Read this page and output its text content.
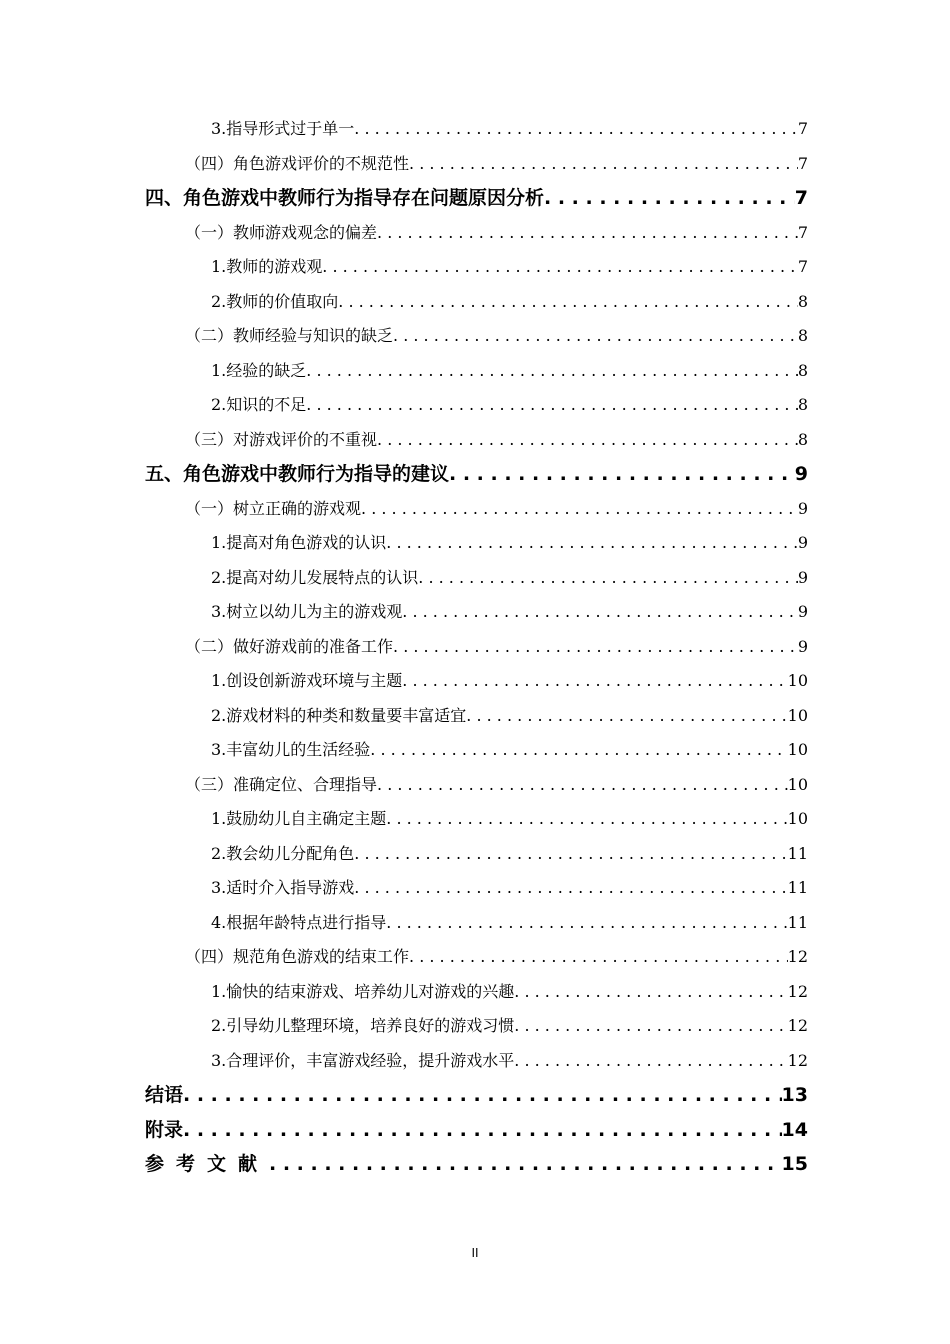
3.指导形式过于单一 . . .	7
（四）角色游戏评价的不规范性 . . .	7
四、角色游戏中教师行为指导存在问题原因分析 . . .	7
（一）教师游戏观念的偏差 . . .	7
1.教师的游戏观 . . .	7
2.教师的价值取向 . . .	8
（二）教师经验与知识的缺乏 . . .	8
1.经验的缺乏 . . .	8
2.知识的不足 . . .	8
（三）对游戏评价的不重视 . . .	8
五、角色游戏中教师行为指导的建议 . . .	9
（一）树立正确的游戏观 . . .	9
1.提高对角色游戏的认识 . . .	9
2.提高对幼儿发展特点的认识 . . .	9
3.树立以幼儿为主的游戏观 . . .	9
（二）做好游戏前的准备工作 . . .	9
1.创设创新游戏环境与主题 . . .	10
2.游戏材料的种类和数量要丰富适宜 . . .	10
3.丰富幼儿的生活经验 . . .	10
（三）准确定位、合理指导 . . .	10
1.鼓励幼儿自主确定主题 . . .	10
2.教会幼儿分配角色 . . .	11
3.适时介入指导游戏 . . .	11
4.根据年龄特点进行指导 . . .	11
（四）规范角色游戏的结束工作 . . .	12
1.愉快的结束游戏、培养幼儿对游戏的兴趣 . . .	12
2.引导幼儿整理环境，培养良好的游戏习惯 . . .	12
3.合理评价，丰富游戏经验，提升游戏水平 . . .	12
结语 . . .	13
附录 . . .	14
参考文献 . . .	15
II
